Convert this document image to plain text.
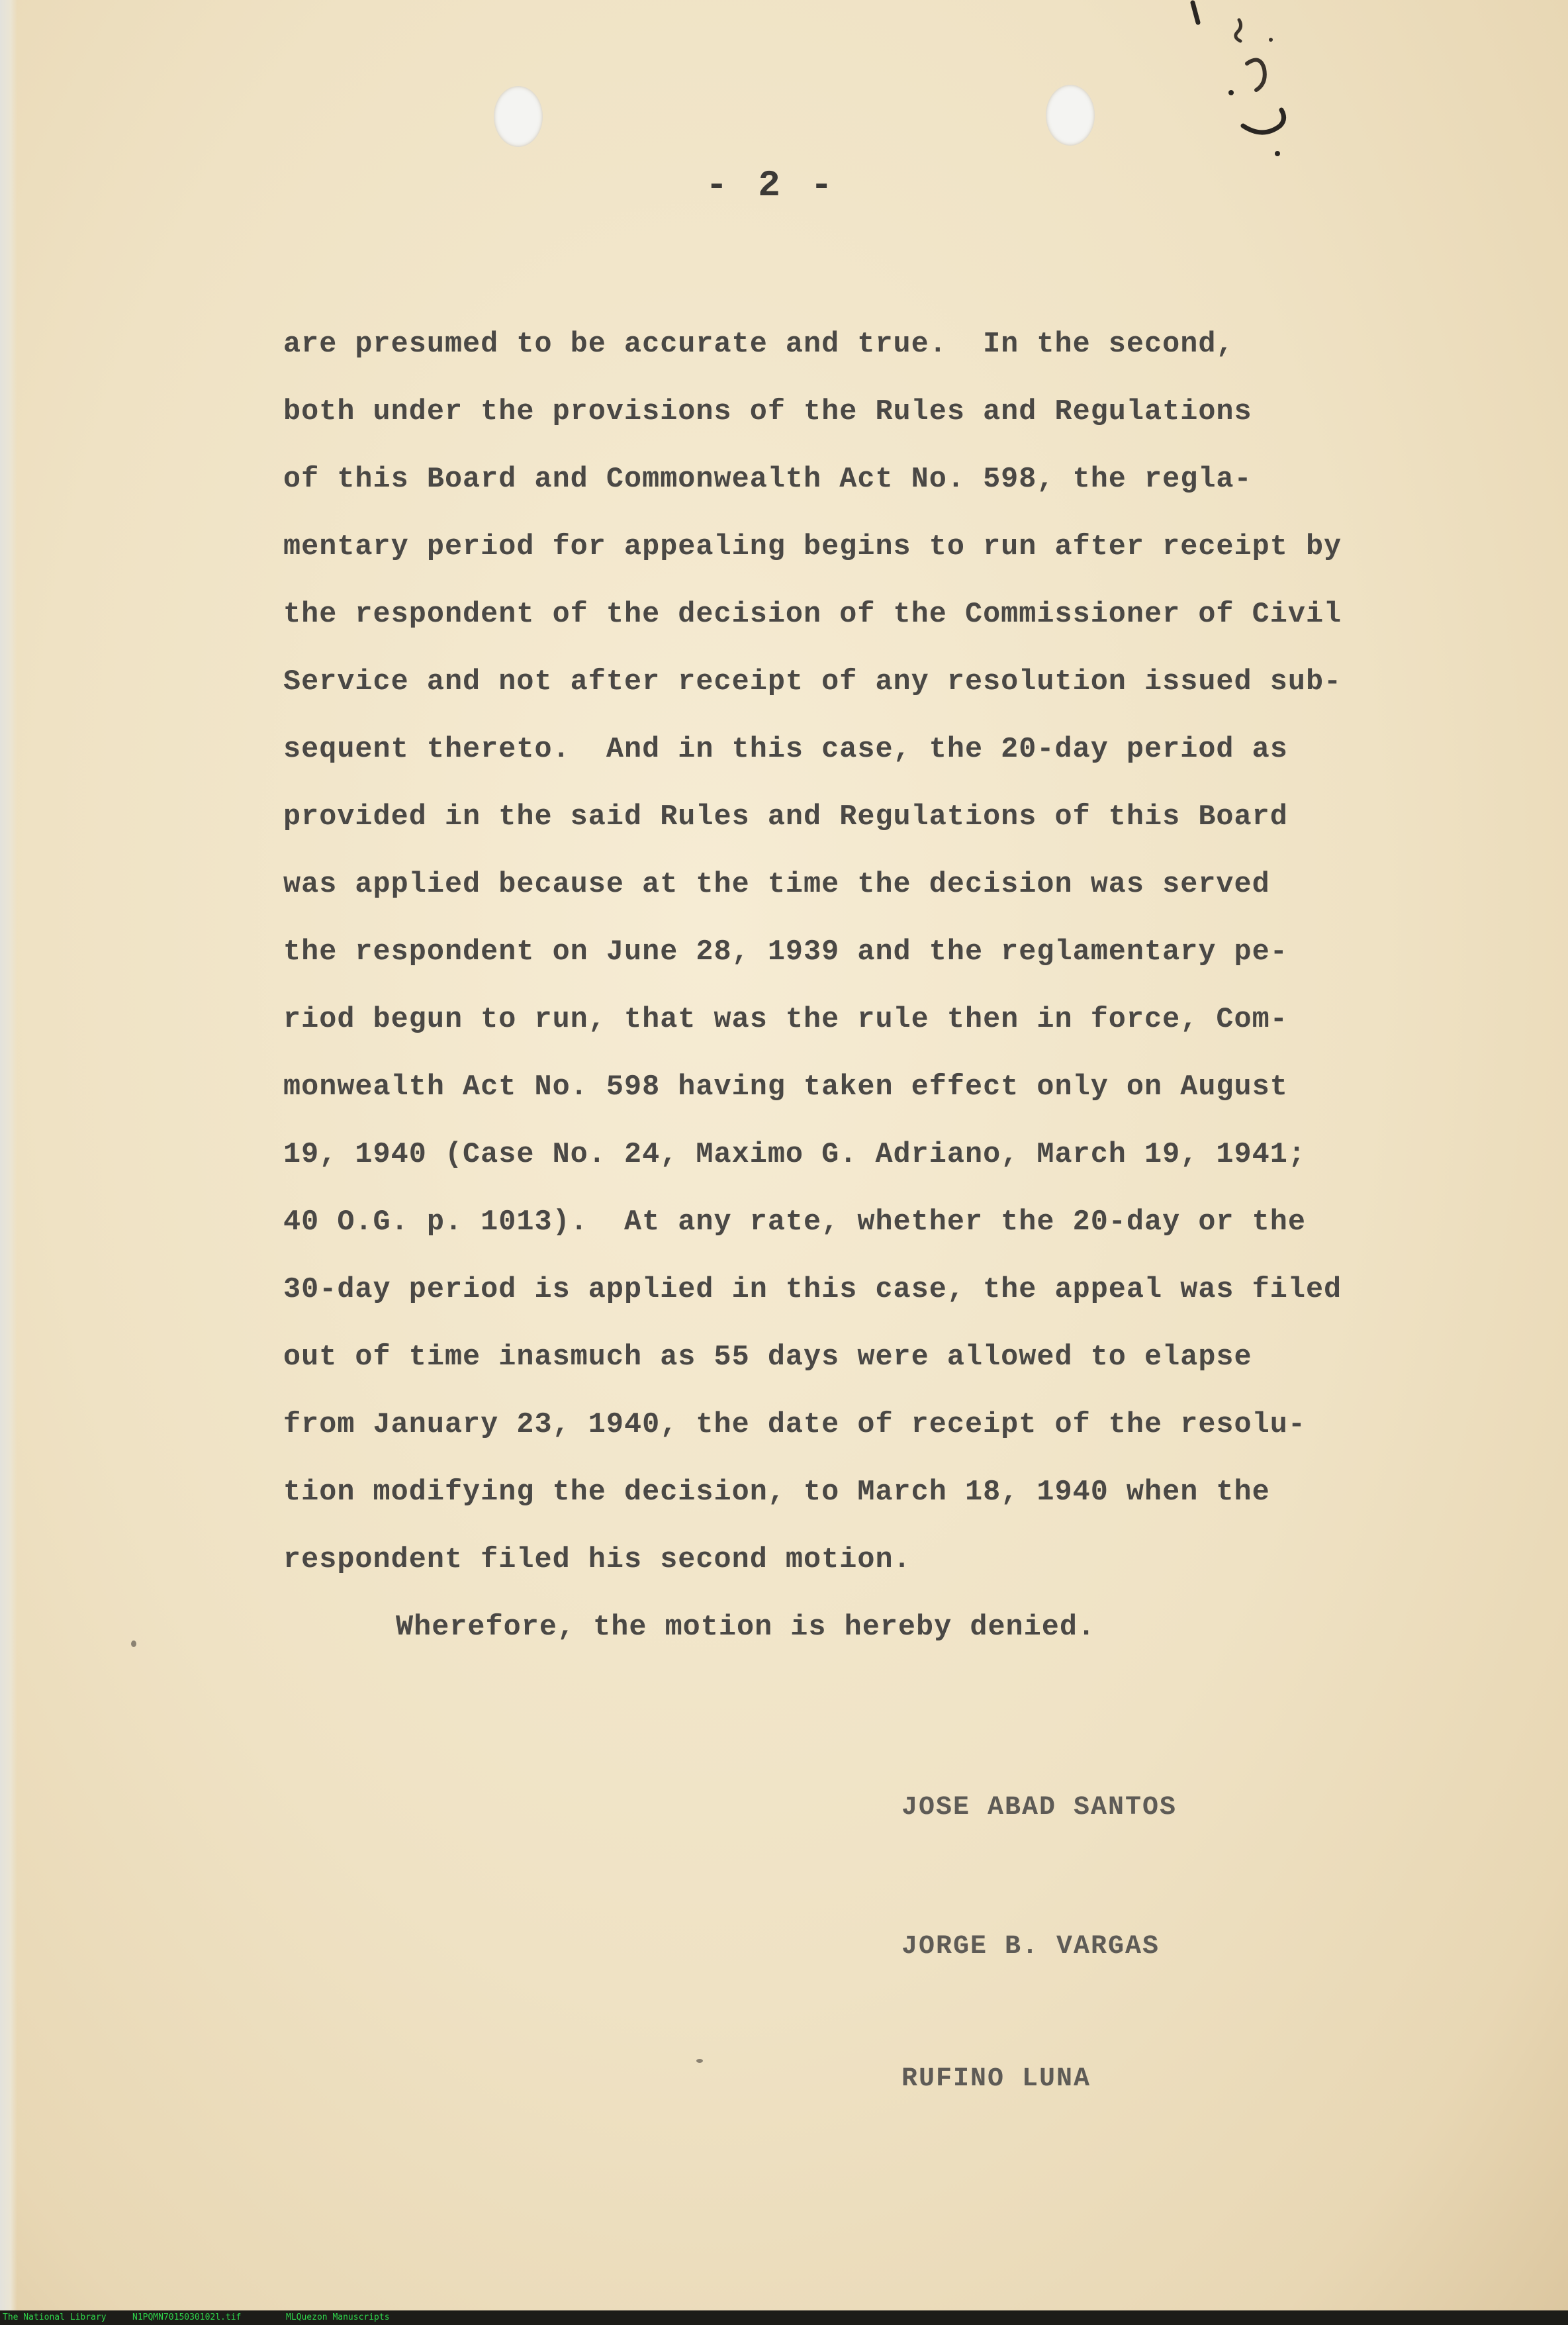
- 2 -
are presumed to be accurate and true.  In the second,
both under the provisions of the Rules and Regulations
of this Board and Commonwealth Act No. 598, the regla-
mentary period for appealing begins to run after receipt by
the respondent of the decision of the Commissioner of Civil
Service and not after receipt of any resolution issued sub-
sequent thereto.  And in this case, the 20-day period as
provided in the said Rules and Regulations of this Board
was applied because at the time the decision was served
the respondent on June 28, 1939 and the reglamentary pe-
riod begun to run, that was the rule then in force, Com-
monwealth Act No. 598 having taken effect only on August
19, 1940 (Case No. 24, Maximo G. Adriano, March 19, 1941;
40 O.G. p. 1013).  At any rate, whether the 20-day or the
30-day period is applied in this case, the appeal was filed
out of time inasmuch as 55 days were allowed to elapse
from January 23, 1940, the date of receipt of the resolu-
tion modifying the decision, to March 18, 1940 when the
respondent filed his second motion.
Wherefore, the motion is hereby denied.
JOSE ABAD SANTOS
JORGE B. VARGAS
RUFINO LUNA
The National Library	N1PQMN7015030102l.tif	MLQuezon Manuscripts
